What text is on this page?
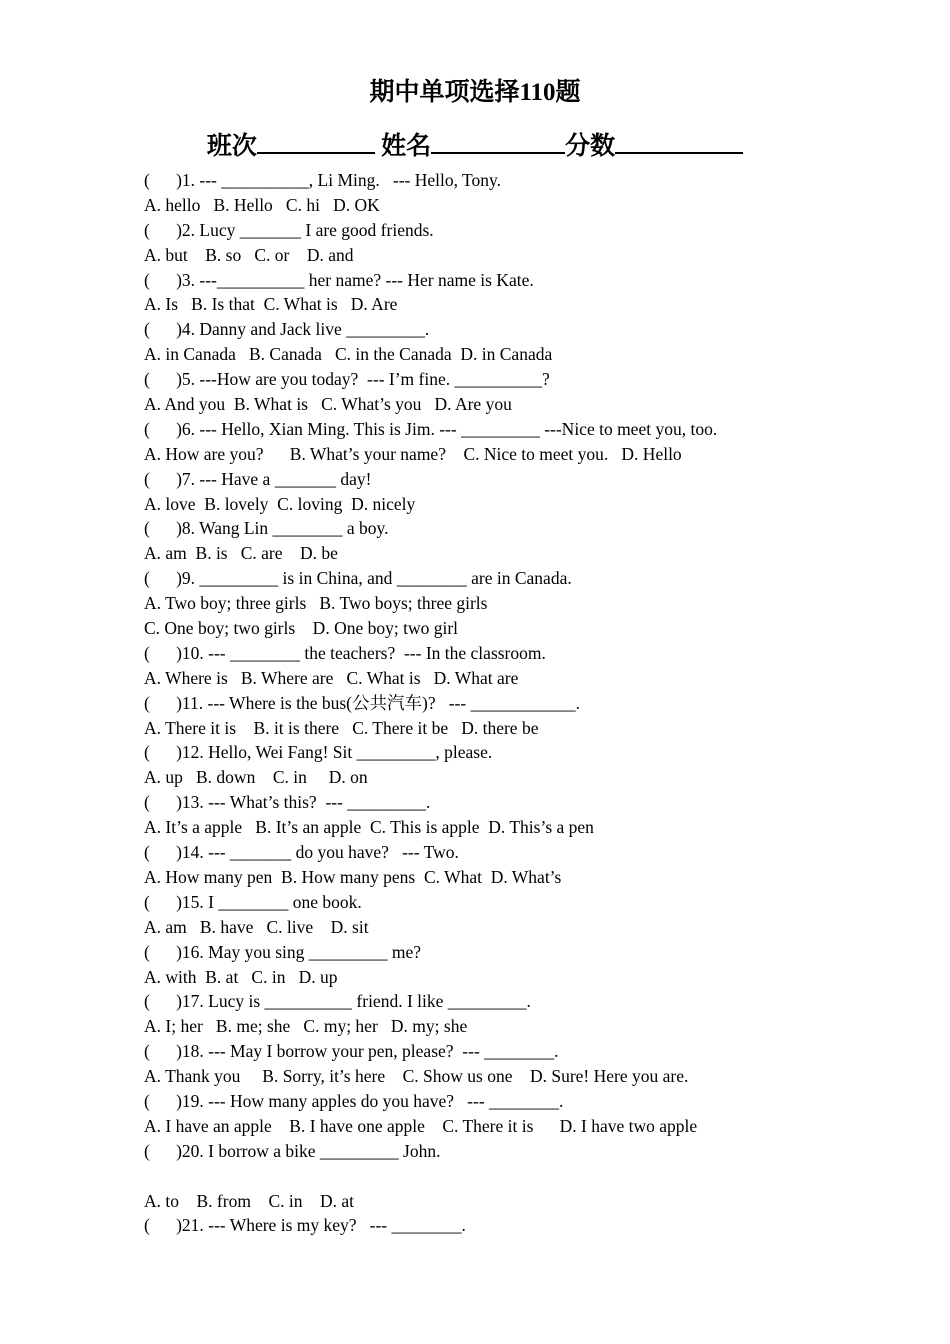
期中单项选择110题
班次	姓名	分数
(      )1. --- __________, Li Ming.   --- Hello, Tony.
A. hello   B. Hello   C. hi   D. OK
(      )2. Lucy _______ I are good friends.
A. but    B. so   C. or    D. and
(      )3. ---__________ her name? --- Her name is Kate.
A. Is   B. Is that  C. What is   D. Are
(      )4. Danny and Jack live _________.
A. in Canada   B. Canada   C. in the Canada  D. in Canada
(      )5. ---How are you today?  --- I’m fine. __________?
A. And you  B. What is   C. What’s you   D. Are you
(      )6. --- Hello, Xian Ming. This is Jim. --- _________ ---Nice to meet you, too.
A. How are you?      B. What’s your name?    C. Nice to meet you.   D. Hello
(      )7. --- Have a _______ day!
A. love  B. lovely  C. loving  D. nicely
(      )8. Wang Lin ________ a boy.
A. am  B. is   C. are    D. be
(      )9. _________ is in China, and ________ are in Canada.
A. Two boy; three girls   B. Two boys; three girls
C. One boy; two girls    D. One boy; two girl
(      )10. --- ________ the teachers?  --- In the classroom.
A. Where is   B. Where are   C. What is   D. What are
(      )11. --- Where is the bus(公共汽车)?   --- ____________.
A. There it is    B. it is there   C. There it be   D. there be
(      )12. Hello, Wei Fang! Sit _________, please.
A. up   B. down    C. in     D. on
(      )13. --- What’s this?  --- _________.
A. It’s a apple   B. It’s an apple  C. This is apple  D. This’s a pen
(      )14. --- _______ do you have?   --- Two.
A. How many pen  B. How many pens  C. What  D. What’s
(      )15. I ________ one book.
A. am   B. have   C. live    D. sit
(      )16. May you sing _________ me?
A. with  B. at   C. in   D. up
(      )17. Lucy is __________ friend. I like _________.
A. I; her   B. me; she   C. my; her   D. my; she
(      )18. --- May I borrow your pen, please?  --- ________.
A. Thank you     B. Sorry, it’s here    C. Show us one    D. Sure! Here you are.
(      )19. --- How many apples do you have?   --- ________.
A. I have an apple    B. I have one apple    C. There it is      D. I have two apple
(      )20. I borrow a bike _________ John.
A. to    B. from    C. in    D. at
(      )21. --- Where is my key?   --- ________.
